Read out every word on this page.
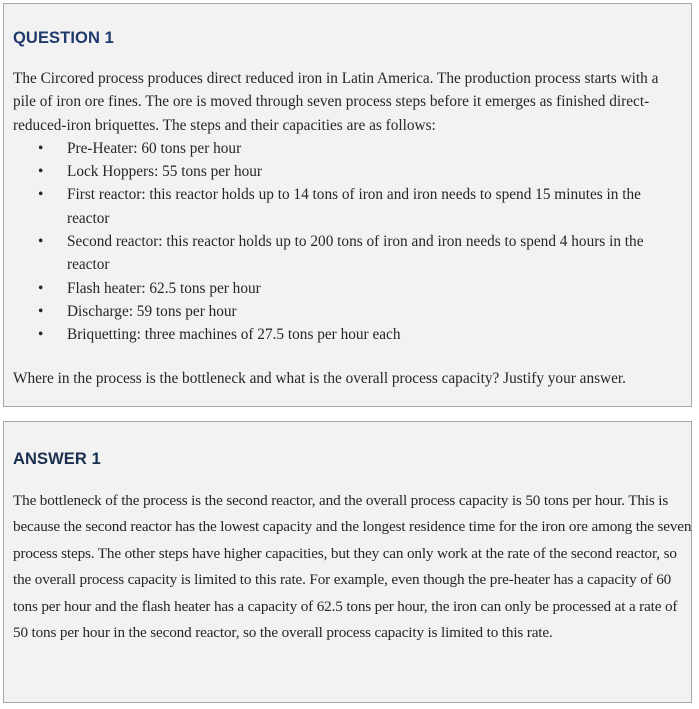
QUESTION 1

The Circored process produces direct reduced iron in Latin America. The production process starts with a pile of iron ore fines. The ore is moved through seven process steps before it emerges as finished direct-reduced-iron briquettes. The steps and their capacities are as follows:

• Pre-Heater: 60 tons per hour
• Lock Hoppers: 55 tons per hour
• First reactor: this reactor holds up to 14 tons of iron and iron needs to spend 15 minutes in the reactor
• Second reactor: this reactor holds up to 200 tons of iron and iron needs to spend 4 hours in the reactor
• Flash heater: 62.5 tons per hour
• Discharge: 59 tons per hour
• Briquetting: three machines of 27.5 tons per hour each

Where in the process is the bottleneck and what is the overall process capacity? Justify your answer.

ANSWER 1

The bottleneck of the process is the second reactor, and the overall process capacity is 50 tons per hour. This is because the second reactor has the lowest capacity and the longest residence time for the iron ore among the seven process steps. The other steps have higher capacities, but they can only work at the rate of the second reactor, so the overall process capacity is limited to this rate. For example, even though the pre-heater has a capacity of 60 tons per hour and the flash heater has a capacity of 62.5 tons per hour, the iron can only be processed at a rate of 50 tons per hour in the second reactor, so the overall process capacity is limited to this rate.
